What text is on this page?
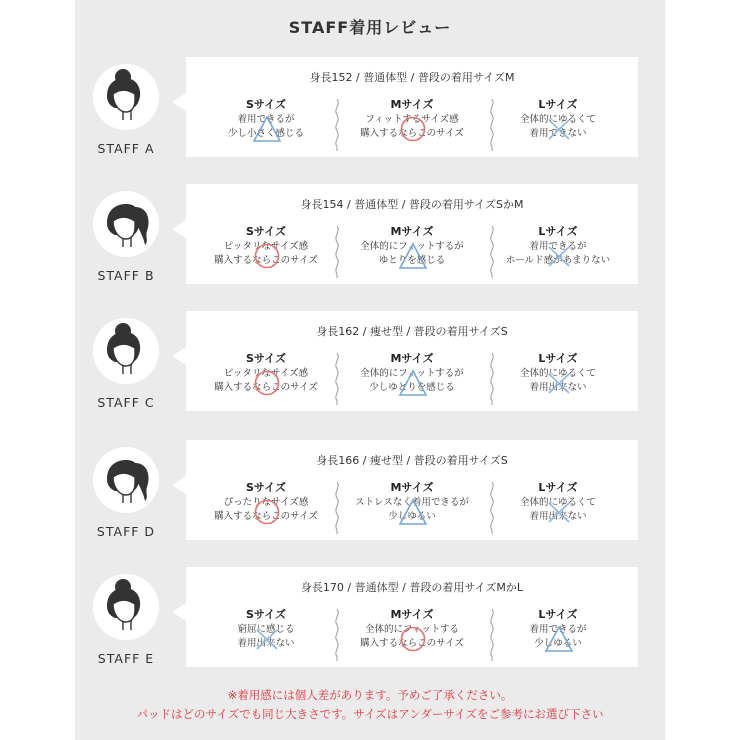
STAFF着用レビュー
STAFF A
身長152 / 普通体型 / 普段の着用サイズM
Sサイズ
着用できるが
少し小さく感じる
Mサイズ
フィットするサイズ感
購入するならこのサイズ
Lサイズ
全体的にゆるくて
着用できない
STAFF B
身長154 / 普通体型 / 普段の着用サイズSかM
Sサイズ
ピッタリなサイズ感
購入するならこのサイズ
Mサイズ
全体的にフィットするが
ゆとりを感じる
Lサイズ
着用できるが
ホールド感があまりない
STAFF C
身長162 / 痩せ型 / 普段の着用サイズS
Sサイズ
ピッタリなサイズ感
購入するならこのサイズ
Mサイズ
全体的にフィットするが
少しゆとりを感じる
Lサイズ
全体的にゆるくて
着用出来ない
STAFF D
身長166 / 痩せ型 / 普段の着用サイズS
Sサイズ
ぴったりなサイズ感
購入するならこのサイズ
Mサイズ
ストレスなく着用できるが
少しゆるい
Lサイズ
全体的にゆるくて
着用出来ない
STAFF E
身長170 / 普通体型 / 普段の着用サイズMかL
Sサイズ
窮屈に感じる
着用出来ない
Mサイズ
全体的にフィットする
購入するならこのサイズ
Lサイズ
着用できるが
少しゆるい
※着用感には個人差があります。予めご了承ください。
パッドはどのサイズでも同じ大きさです。サイズはアンダーサイズをご参考にお選び下さい
